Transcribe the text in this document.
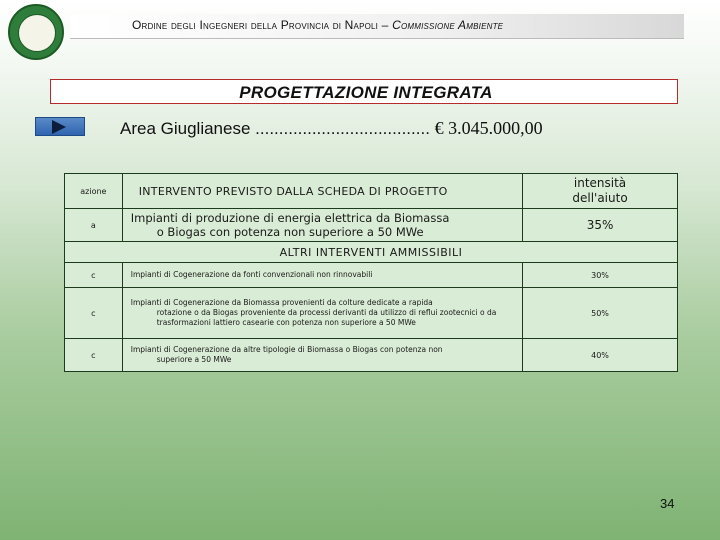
Ordine degli Ingegneri della Provincia di Napoli – Commissione Ambiente
PROGETTAZIONE INTEGRATA
Area Giuglianese ..................................... € 3.045.000,00
azione	INTERVENTO PREVISTO DALLA SCHEDA DI PROGETTO	intensità
dell'aiuto
a	Impianti di produzione di energia elettrica da Biomassa
o Biogas con potenza non superiore a 50 MWe	35%
ALTRI INTERVENTI AMMISSIBILI		
c	Impianti di Cogenerazione da fonti convenzionali non rinnovabili	30%
c	Impianti di Cogenerazione da Biomassa provenienti da colture dedicate a rapida
rotazione o da Biogas proveniente da processi derivanti da utilizzo di reflui zootecnici o da trasformazioni lattiero casearie con potenza non superiore a 50 MWe	50%
c	Impianti di Cogenerazione da altre tipologie di Biomassa o Biogas con potenza non
superiore a 50 MWe	40%
34
